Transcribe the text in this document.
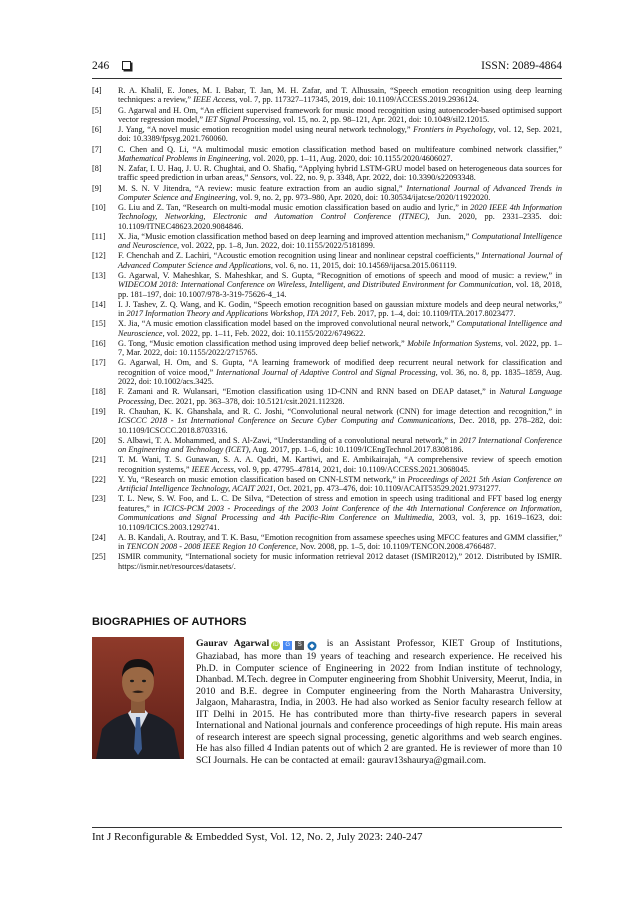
246	ISSN: 2089-4864
[4]	R. A. Khalil, E. Jones, M. I. Babar, T. Jan, M. H. Zafar, and T. Alhussain, “Speech emotion recognition using deep learning techniques: a review,” IEEE Access, vol. 7, pp. 117327–117345, 2019, doi: 10.1109/ACCESS.2019.2936124.
[5]	G. Agarwal and H. Om, “An efficient supervised framework for music mood recognition using autoencoder-based optimised support vector regression model,” IET Signal Processing, vol. 15, no. 2, pp. 98–121, Apr. 2021, doi: 10.1049/sil2.12015.
[6]	J. Yang, “A novel music emotion recognition model using neural network technology,” Frontiers in Psychology, vol. 12, Sep. 2021, doi: 10.3389/fpsyg.2021.760060.
[7]	C. Chen and Q. Li, “A multimodal music emotion classification method based on multifeature combined network classifier,” Mathematical Problems in Engineering, vol. 2020, pp. 1–11, Aug. 2020, doi: 10.1155/2020/4606027.
[8]	N. Zafar, I. U. Haq, J. U. R. Chughtai, and O. Shafiq, “Applying hybrid LSTM-GRU model based on heterogeneous data sources for traffic speed prediction in urban areas,” Sensors, vol. 22, no. 9, p. 3348, Apr. 2022, doi: 10.3390/s22093348.
[9]	M. S. N. V Jitendra, “A review: music feature extraction from an audio signal,” International Journal of Advanced Trends in Computer Science and Engineering, vol. 9, no. 2, pp. 973–980, Apr. 2020, doi: 10.30534/ijatcse/2020/11922020.
[10]	G. Liu and Z. Tan, “Research on multi-modal music emotion classification based on audio and lyric,” in 2020 IEEE 4th Information Technology, Networking, Electronic and Automation Control Conference (ITNEC), Jun. 2020, pp. 2331–2335. doi: 10.1109/ITNEC48623.2020.9084846.
[11]	X. Jia, “Music emotion classification method based on deep learning and improved attention mechanism,” Computational Intelligence and Neuroscience, vol. 2022, pp. 1–8, Jun. 2022, doi: 10.1155/2022/5181899.
[12]	F. Chenchah and Z. Lachiri, “Acoustic emotion recognition using linear and nonlinear cepstral coefficients,” International Journal of Advanced Computer Science and Applications, vol. 6, no. 11, 2015, doi: 10.14569/ijacsa.2015.061119.
[13]	G. Agarwal, V. Maheshkar, S. Maheshkar, and S. Gupta, “Recognition of emotions of speech and mood of music: a review,” in WIDECOM 2018: International Conference on Wireless, Intelligent, and Distributed Environment for Communication, vol. 18, 2018, pp. 181–197, doi: 10.1007/978-3-319-75626-4_14.
[14]	I. J. Tashev, Z. Q. Wang, and K. Godin, “Speech emotion recognition based on gaussian mixture models and deep neural networks,” in 2017 Information Theory and Applications Workshop, ITA 2017, Feb. 2017, pp. 1–4, doi: 10.1109/ITA.2017.8023477.
[15]	X. Jia, “A music emotion classification model based on the improved convolutional neural network,” Computational Intelligence and Neuroscience, vol. 2022, pp. 1–11, Feb. 2022, doi: 10.1155/2022/6749622.
[16]	G. Tong, “Music emotion classification method using improved deep belief network,” Mobile Information Systems, vol. 2022, pp. 1–7, Mar. 2022, doi: 10.1155/2022/2715765.
[17]	G. Agarwal, H. Om, and S. Gupta, “A learning framework of modified deep recurrent neural network for classification and recognition of voice mood,” International Journal of Adaptive Control and Signal Processing, vol. 36, no. 8, pp. 1835–1859, Aug. 2022, doi: 10.1002/acs.3425.
[18]	F. Zamani and R. Wulansari, “Emotion classification using 1D-CNN and RNN based on DEAP dataset,” in Natural Language Processing, Dec. 2021, pp. 363–378, doi: 10.5121/csit.2021.112328.
[19]	R. Chauhan, K. K. Ghanshala, and R. C. Joshi, “Convolutional neural network (CNN) for image detection and recognition,” in ICSCCC 2018 - 1st International Conference on Secure Cyber Computing and Communications, Dec. 2018, pp. 278–282, doi: 10.1109/ICSCCC.2018.8703316.
[20]	S. Albawi, T. A. Mohammed, and S. Al-Zawi, “Understanding of a convolutional neural network,” in 2017 International Conference on Engineering and Technology (ICET), Aug. 2017, pp. 1–6, doi: 10.1109/ICEngTechnol.2017.8308186.
[21]	T. M. Wani, T. S. Gunawan, S. A. A. Qadri, M. Kartiwi, and E. Ambikairajah, “A comprehensive review of speech emotion recognition systems,” IEEE Access, vol. 9, pp. 47795–47814, 2021, doi: 10.1109/ACCESS.2021.3068045.
[22]	Y. Yu, “Research on music emotion classification based on CNN-LSTM network,” in Proceedings of 2021 5th Asian Conference on Artificial Intelligence Technology, ACAIT 2021, Oct. 2021, pp. 473–476, doi: 10.1109/ACAIT53529.2021.9731277.
[23]	T. L. New, S. W. Foo, and L. C. De Silva, “Detection of stress and emotion in speech using traditional and FFT based log energy features,” in ICICS-PCM 2003 - Proceedings of the 2003 Joint Conference of the 4th International Conference on Information, Communications and Signal Processing and 4th Pacific-Rim Conference on Multimedia, 2003, vol. 3, pp. 1619–1623, doi: 10.1109/ICICS.2003.1292741.
[24]	A. B. Kandali, A. Routray, and T. K. Basu, “Emotion recognition from assamese speeches using MFCC features and GMM classifier,” in TENCON 2008 - 2008 IEEE Region 10 Conference, Nov. 2008, pp. 1–5, doi: 10.1109/TENCON.2008.4766487.
[25]	ISMIR community, “International society for music information retrieval 2012 dataset (ISMIR2012),” 2012. Distributed by ISMIR. https://ismir.net/resources/datasets/.
BIOGRAPHIES OF AUTHORS
Gaurav Agarwal iD G S is an Assistant Professor, KIET Group of Institutions, Ghaziabad, has more than 19 years of teaching and research experience. He received his Ph.D. in Computer science of Engineering in 2022 from Indian institute of technology, Dhanbad. M.Tech. degree in Computer engineering from Shobhit University, Meerut, India, in 2010 and B.E. degree in Computer engineering from the North Maharastra University, Jalgaon, Maharastra, India, in 2003. He had also worked as Senior faculty research fellow at IIT Delhi in 2015. He has contributed more than thirty-five research papers in several International and National journals and conference proceedings of high repute. His main areas of research interest are speech signal processing, genetic algorithms and web search engines. He has also filled 4 Indian patents out of which 2 are granted. He is reviewer of more than 10 SCI Journals. He can be contacted at email: gaurav13shaurya@gmail.com.
Int J Reconfigurable & Embedded Syst, Vol. 12, No. 2, July 2023: 240-247
